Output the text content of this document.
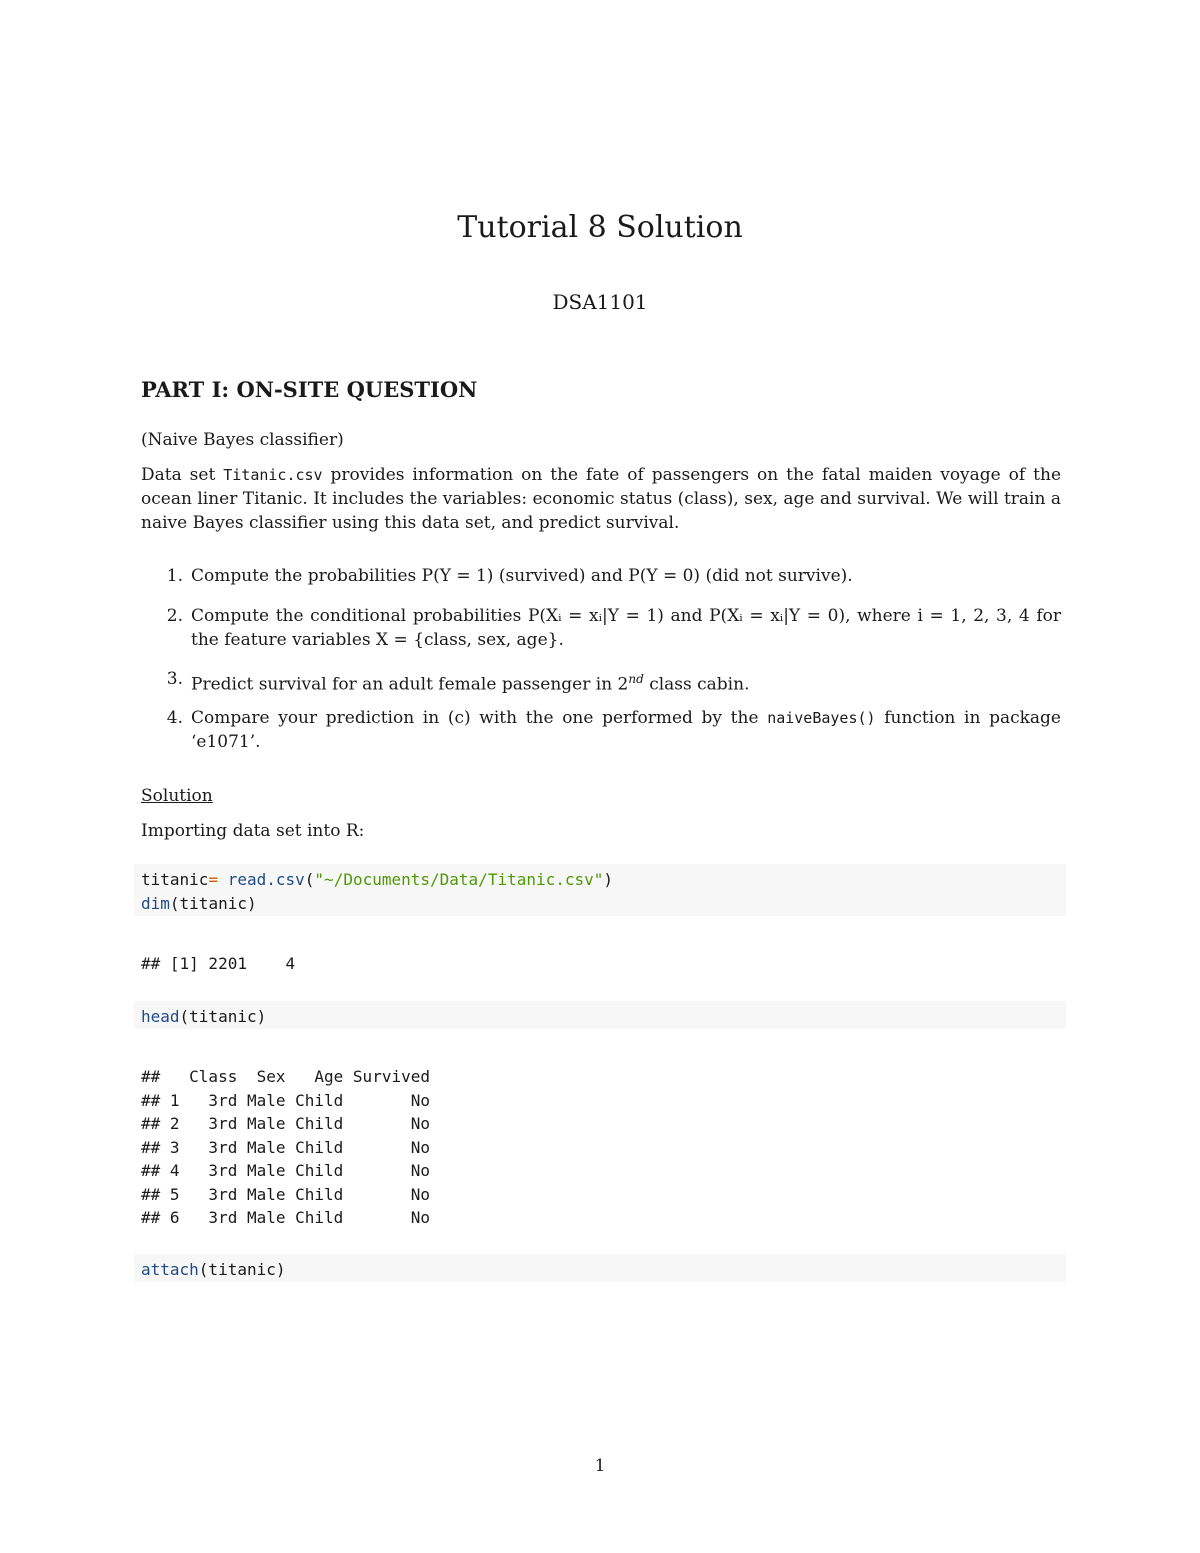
Tutorial 8 Solution

DSA1101

PART I: ON-SITE QUESTION

(Naive Bayes classifier)

Data set Titanic.csv provides information on the fate of passengers on the fatal maiden voyage of the ocean liner Titanic. It includes the variables: economic status (class), sex, age and survival. We will train a naive Bayes classifier using this data set, and predict survival.

1. Compute the probabilities P(Y = 1) (survived) and P(Y = 0) (did not survive).
2. Compute the conditional probabilities P(Xᵢ = xᵢ|Y = 1) and P(Xᵢ = xᵢ|Y = 0), where i = 1, 2, 3, 4 for the feature variables X = {class, sex, age}.
3. Predict survival for an adult female passenger in 2nd class cabin.
4. Compare your prediction in (c) with the one performed by the naiveBayes() function in package ‘e1071’.

Solution

Importing data set into R:

titanic= read.csv("~/Documents/Data/Titanic.csv")
dim(titanic)
## [1] 2201    4
head(titanic)
##   Class  Sex   Age Survived
## 1   3rd Male Child       No
## 2   3rd Male Child       No
## 3   3rd Male Child       No
## 4   3rd Male Child       No
## 5   3rd Male Child       No
## 6   3rd Male Child       No
attach(titanic)

1
